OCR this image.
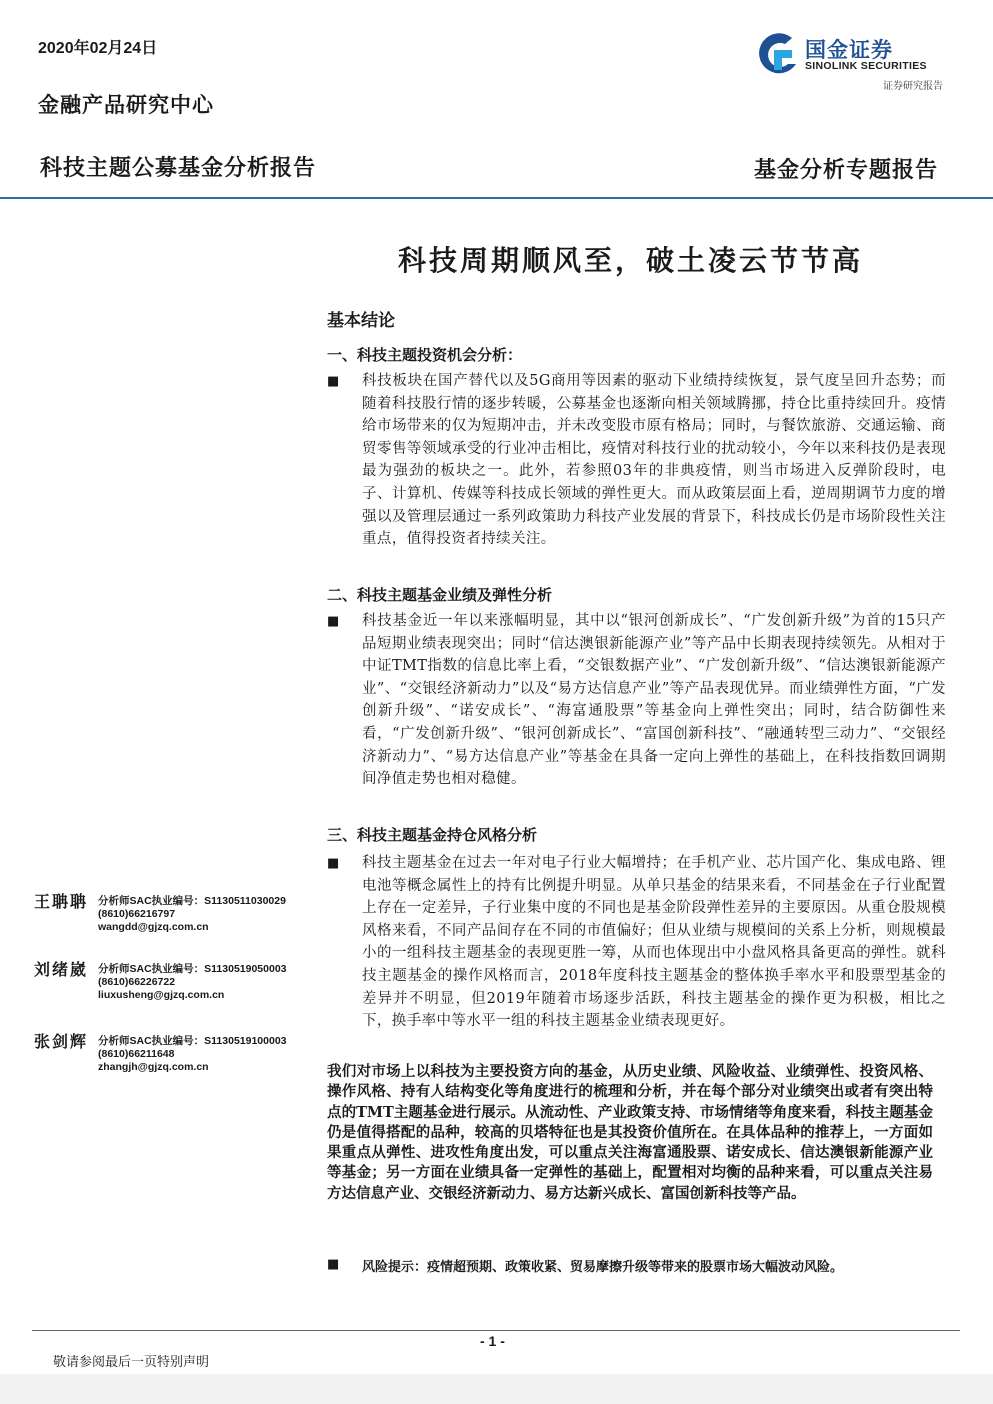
2020年02月24日
金融产品研究中心
科技主题公募基金分析报告	基金分析专题报告
国金证券
SINOLINK SECURITIES
证券研究报告
科技周期顺风至，破土凌云节节高
基本结论
一、科技主题投资机会分析：
■	科技板块在国产替代以及5G商用等因素的驱动下业绩持续恢复，景气度呈回升态势；而随着科技股行情的逐步转暖，公募基金也逐渐向相关领域腾挪，持仓比重持续回升。疫情给市场带来的仅为短期冲击，并未改变股市原有格局；同时，与餐饮旅游、交通运输、商贸零售等领域承受的行业冲击相比，疫情对科技行业的扰动较小，今年以来科技仍是表现最为强劲的板块之一。此外，若参照03年的非典疫情，则当市场进入反弹阶段时，电子、计算机、传媒等科技成长领域的弹性更大。而从政策层面上看，逆周期调节力度的增强以及管理层通过一系列政策助力科技产业发展的背景下，科技成长仍是市场阶段性关注重点，值得投资者持续关注。
二、科技主题基金业绩及弹性分析
■	科技基金近一年以来涨幅明显，其中以“银河创新成长”、“广发创新升级”为首的15只产品短期业绩表现突出；同时“信达澳银新能源产业”等产品中长期表现持续领先。从相对于中证TMT指数的信息比率上看，“交银数据产业”、“广发创新升级”、“信达澳银新能源产业”、“交银经济新动力”以及“易方达信息产业”等产品表现优异。而业绩弹性方面，“广发创新升级”、“诺安成长”、“海富通股票”等基金向上弹性突出；同时，结合防御性来看，“广发创新升级”、“银河创新成长”、“富国创新科技”、“融通转型三动力”、“交银经济新动力”、“易方达信息产业”等基金在具备一定向上弹性的基础上，在科技指数回调期间净值走势也相对稳健。
三、科技主题基金持仓风格分析
■	科技主题基金在过去一年对电子行业大幅增持；在手机产业、芯片国产化、集成电路、锂电池等概念属性上的持有比例提升明显。从单只基金的结果来看，不同基金在子行业配置上存在一定差异，子行业集中度的不同也是基金阶段弹性差异的主要原因。从重仓股规模风格来看，不同产品间存在不同的市值偏好；但从业绩与规模间的关系上分析，则规模最小的一组科技主题基金的表现更胜一筹，从而也体现出中小盘风格具备更高的弹性。就科技主题基金的操作风格而言，2018年度科技主题基金的整体换手率水平和股票型基金的差异并不明显，但2019年随着市场逐步活跃，科技主题基金的操作更为积极，相比之下，换手率中等水平一组的科技主题基金业绩表现更好。
我们对市场上以科技为主要投资方向的基金，从历史业绩、风险收益、业绩弹性、投资风格、操作风格、持有人结构变化等角度进行的梳理和分析，并在每个部分对业绩突出或者有突出特点的TMT主题基金进行展示。从流动性、产业政策支持、市场情绪等角度来看，科技主题基金仍是值得搭配的品种，较高的贝塔特征也是其投资价值所在。在具体品种的推荐上，一方面如果重点从弹性、进攻性角度出发，可以重点关注海富通股票、诺安成长、信达澳银新能源产业等基金；另一方面在业绩具备一定弹性的基础上，配置相对均衡的品种来看，可以重点关注易方达信息产业、交银经济新动力、易方达新兴成长、富国创新科技等产品。
■	风险提示：疫情超预期、政策收紧、贸易摩擦升级等带来的股票市场大幅波动风险。
王聃聃 分析师SAC执业编号：S1130511030029
(8610)66216797
wangdd@gjzq.com.cn
刘绪崴 分析师SAC执业编号：S1130519050003
(8610)66226722
liuxusheng@gjzq.com.cn
张剑辉 分析师SAC执业编号：S1130519100003
(8610)66211648
zhangjh@gjzq.com.cn
- 1 -
敬请参阅最后一页特别声明
